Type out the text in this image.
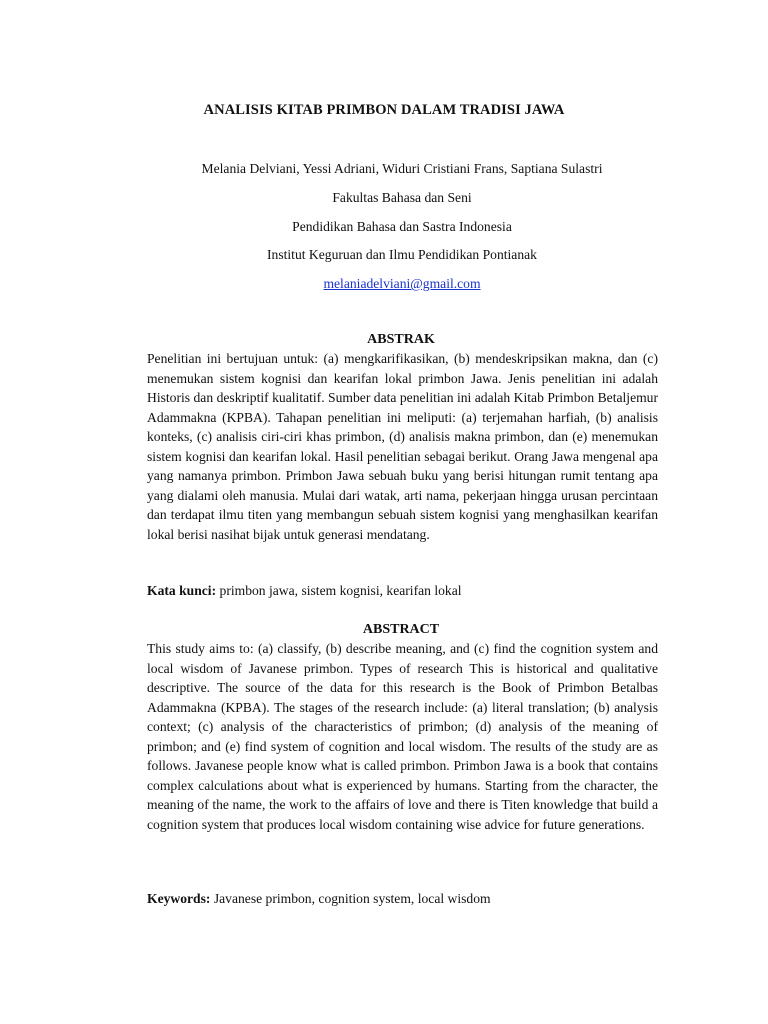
ANALISIS KITAB PRIMBON DALAM TRADISI JAWA
Melania Delviani, Yessi Adriani, Widuri Cristiani Frans, Saptiana Sulastri
Fakultas Bahasa dan Seni
Pendidikan Bahasa dan Sastra Indonesia
Institut Keguruan dan Ilmu Pendidikan Pontianak
melaniadelviani@gmail.com
ABSTRAK
Penelitian ini bertujuan untuk: (a) mengkarifikasikan, (b) mendeskripsikan makna, dan (c) menemukan sistem kognisi dan kearifan lokal primbon Jawa. Jenis penelitian ini adalah Historis dan deskriptif kualitatif. Sumber data penelitian ini adalah Kitab Primbon Betaljemur Adammakna (KPBA). Tahapan penelitian ini meliputi: (a) terjemahan harfiah, (b) analisis konteks, (c) analisis ciri-ciri khas primbon, (d) analisis makna primbon, dan (e) menemukan sistem kognisi dan kearifan lokal. Hasil penelitian sebagai berikut. Orang Jawa mengenal apa yang namanya primbon. Primbon Jawa sebuah buku yang berisi hitungan rumit tentang apa yang dialami oleh manusia. Mulai dari watak, arti nama, pekerjaan hingga urusan percintaan dan terdapat ilmu titen yang membangun sebuah sistem kognisi yang menghasilkan kearifan lokal berisi nasihat bijak untuk generasi mendatang.
Kata kunci: primbon jawa, sistem kognisi, kearifan lokal
ABSTRACT
This study aims to: (a) classify, (b) describe meaning, and (c) find the cognition system and local wisdom of Javanese primbon. Types of research This is historical and qualitative descriptive. The source of the data for this research is the Book of Primbon Betalbas Adammakna (KPBA). The stages of the research include: (a) literal translation; (b) analysis context; (c) analysis of the characteristics of primbon; (d) analysis of the meaning of primbon; and (e) find system of cognition and local wisdom. The results of the study are as follows. Javanese people know what is called primbon. Primbon Jawa is a book that contains complex calculations about what is experienced by humans. Starting from the character, the meaning of the name, the work to the affairs of love and there is Titen knowledge that build a cognition system that produces local wisdom containing wise advice for future generations.
Keywords: Javanese primbon, cognition system, local wisdom
